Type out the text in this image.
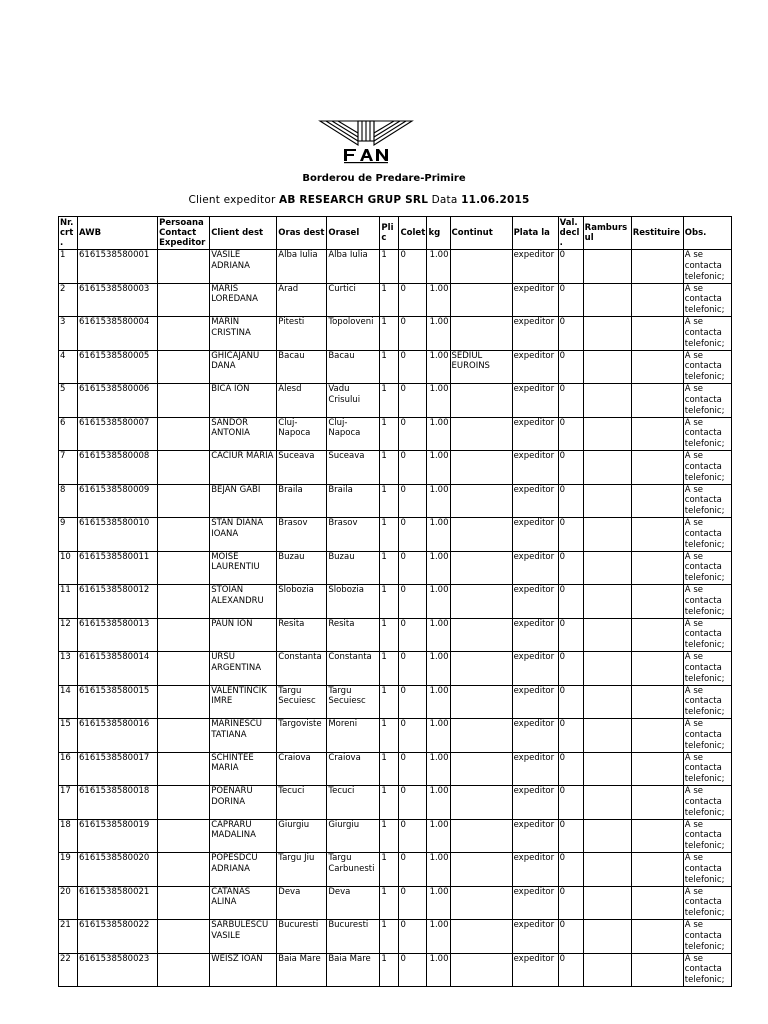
Borderou de Predare-Primire
Client expeditor AB RESEARCH GRUP SRL Data 11.06.2015
Nr. crt.	AWB	Persoana Contact Expeditor	Client dest	Oras dest	Orasel	Plic	Colet	kg	Continut	Plata la	Val. decl.	Rambursul	Restituire	Obs.
1	6161538580001		VASILE ADRIANA	Alba Iulia	Alba Iulia	1	0	1.00		expeditor	0			A se contacta telefonic;
2	6161538580003		MARIS LOREDANA	Arad	Curtici	1	0	1.00		expeditor	0			A se contacta telefonic;
3	6161538580004		MARIN CRISTINA	Pitesti	Topoloveni	1	0	1.00		expeditor	0			A se contacta telefonic;
4	6161538580005		GHICAJANU DANA	Bacau	Bacau	1	0	1.00	SEDIUL EUROINS	expeditor	0			A se contacta telefonic;
5	6161538580006		BICA ION	Alesd	Vadu Crisului	1	0	1.00		expeditor	0			A se contacta telefonic;
6	6161538580007		SANDOR ANTONIA	Cluj-Napoca	Cluj-Napoca	1	0	1.00		expeditor	0			A se contacta telefonic;
7	6161538580008		CACIUR MARIA	Suceava	Suceava	1	0	1.00		expeditor	0			A se contacta telefonic;
8	6161538580009		BEJAN GABI	Braila	Braila	1	0	1.00		expeditor	0			A se contacta telefonic;
9	6161538580010		STAN DIANA IOANA	Brasov	Brasov	1	0	1.00		expeditor	0			A se contacta telefonic;
10	6161538580011		MOISE LAURENTIU	Buzau	Buzau	1	0	1.00		expeditor	0			A se contacta telefonic;
11	6161538580012		STOIAN ALEXANDRU	Slobozia	Slobozia	1	0	1.00		expeditor	0			A se contacta telefonic;
12	6161538580013		PAUN ION	Resita	Resita	1	0	1.00		expeditor	0			A se contacta telefonic;
13	6161538580014		URSU ARGENTINA	Constanta	Constanta	1	0	1.00		expeditor	0			A se contacta telefonic;
14	6161538580015		VALENTINCIK IMRE	Targu Secuiesc	Targu Secuiesc	1	0	1.00		expeditor	0			A se contacta telefonic;
15	6161538580016		MARINESCU TATIANA	Targoviste	Moreni	1	0	1.00		expeditor	0			A se contacta telefonic;
16	6161538580017		SCHINTEE MARIA	Craiova	Craiova	1	0	1.00		expeditor	0			A se contacta telefonic;
17	6161538580018		POENARU DORINA	Tecuci	Tecuci	1	0	1.00		expeditor	0			A se contacta telefonic;
18	6161538580019		CAPRARU MADALINA	Giurgiu	Giurgiu	1	0	1.00		expeditor	0			A se contacta telefonic;
19	6161538580020		POPESDCU ADRIANA	Targu Jiu	Targu Carbunesti	1	0	1.00		expeditor	0			A se contacta telefonic;
20	6161538580021		CATANAS ALINA	Deva	Deva	1	0	1.00		expeditor	0			A se contacta telefonic;
21	6161538580022		SARBULESCU VASILE	Bucuresti	Bucuresti	1	0	1.00		expeditor	0			A se contacta telefonic;
22	6161538580023		WEISZ IOAN	Baia Mare	Baia Mare	1	0	1.00		expeditor	0			A se contacta telefonic;
